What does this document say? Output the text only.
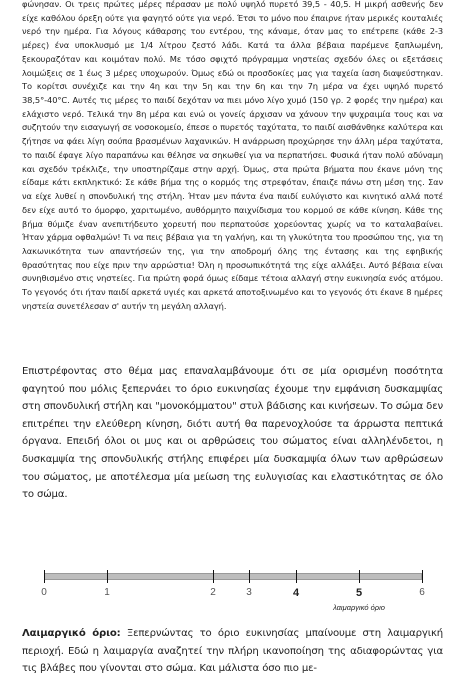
φώνησαν. Οι τρεις πρώτες μέρες πέρασαν με πολύ υψηλό πυρετό 39,5 - 40,5. Η μικρή ασθενής δεν είχε καθόλου όρεξη ούτε για φαγητό ούτε για νερό. Έτσι το μόνο που έπαιρνε ήταν μερικές κουταλιές νερό την ημέρα. Για λόγους κάθαρσης του εντέρου, της κάναμε, όταν μας το επέτρεπε (κάθε 2-3 μέρες) ένα υποκλυσμό με 1/4 λίτρου ζεστό λάδι. Κατά τα άλλα βέβαια παρέμενε ξαπλωμένη, ξεκουραζόταν και κοιμόταν πολύ. Με τόσο σφιχτό πρόγραμμα νηστείας σχεδόν όλες οι εξετάσεις λοιμώξεις σε 1 έως 3 μέρες υποχωρούν. Όμως εδώ οι προσδοκίες μας για ταχεία ίαση διαψεύστηκαν. Το κορίτσι συνέχιζε και την 4η και την 5η και την 6η και την 7η μέρα να έχει υψηλό πυρετό 38,5°-40°C. Αυτές τις μέρες το παιδί δεχόταν να πιει μόνο λίγο χυμό (150 γρ. 2 φορές την ημέρα) και ελάχιστο νερό. Τελικά την 8η μέρα και ενώ οι γονείς άρχισαν να χάνουν την ψυχραιμία τους και να συζητούν την εισαγωγή σε νοσοκομείο, έπεσε ο πυρετός ταχύτατα, το παιδί αισθάνθηκε καλύτερα και ζήτησε να φάει λίγη σούπα βρασμένων λαχανικών. Η ανάρρωση προχώρησε την άλλη μέρα ταχύτατα, το παιδί έφαγε λίγο παραπάνω και θέλησε να σηκωθεί για να περπατήσει. Φυσικά ήταν πολύ αδύναμη και σχεδόν τρέκλιζε, την υποστηρίζαμε στην αρχή. Όμως, στα πρώτα βήματα που έκανε μόνη της είδαμε κάτι εκπληκτικό: Σε κάθε βήμα της ο κορμός της στρεφόταν, έπαιζε πάνω στη μέση της. Σαν να είχε λυθεί η σπονδυλική της στήλη. Ήταν μεν πάντα ένα παιδί ευλύγιστο και κινητικό αλλά ποτέ δεν είχε αυτό το όμορφο, χαριτωμένο, αυθόρμητο παιχνίδισμα του κορμού σε κάθε κίνηση. Κάθε της βήμα θύμιζε έναν ανεπιτήδευτο χορευτή που περπατούσε χορεύοντας χωρίς να το καταλαβαίνει. Ήταν χάρμα οφθαλμών! Τι να πεις βέβαια για τη γαλήνη, και τη γλυκύτητα του προσώπου της, για τη λακωνικότητα των απαντήσεών της, για την αποδρομή όλης της έντασης και της εφηβικής θρασύτητας που είχε πριν την αρρώστια! Όλη η προσωπικότητά της είχε αλλάξει. Αυτό βέβαια είναι συνηθισμένο στις νηστείες. Για πρώτη φορά όμως είδαμε τέτοια αλλαγή στην ευκινησία ενός ατόμου. Το γεγονός ότι ήταν παιδί αρκετά υγιές και αρκετά αποτοξινωμένο και το γεγονός ότι έκανε 8 ημέρες νηστεία συνετέλεσαν σ' αυτήν τη μεγάλη αλλαγή.
Επιστρέφοντας στο θέμα μας επαναλαμβάνουμε ότι σε μία ορισμένη ποσότητα φαγητού που μόλις ξεπερνάει το όριο ευκινησίας έχουμε την εμφάνιση δυσκαμψίας στη σπονδυλική στήλη και "μονοκόμματου" στυλ βάδισης και κινήσεων. Το σώμα δεν επιτρέπει την ελεύθερη κίνηση, διότι αυτή θα παρενοχλούσε τα άρρωστα πεπτικά όργανα. Επειδή όλοι οι μυς και οι αρθρώσεις του σώματος είναι αλληλένδετοι, η δυσκαμψία της σπονδυλικής στήλης επιφέρει μία δυσκαμψία όλων των αρθρώσεων του σώματος, με αποτέλεσμα μία μείωση της ευλυγισίας και ελαστικότητας σε όλο το σώμα.
0	1	2	3	4	5	6
λαιμαργικό όριο
Λαιμαργικό όριο: Ξεπερνώντας το όριο ευκινησίας μπαίνουμε στη λαιμαργική περιοχή. Εδώ η λαιμαργία αναζητεί την πλήρη ικανοποίηση της αδιαφορώντας για τις βλάβες που γίνονται στο σώμα. Και μάλιστα όσο πιο με-
